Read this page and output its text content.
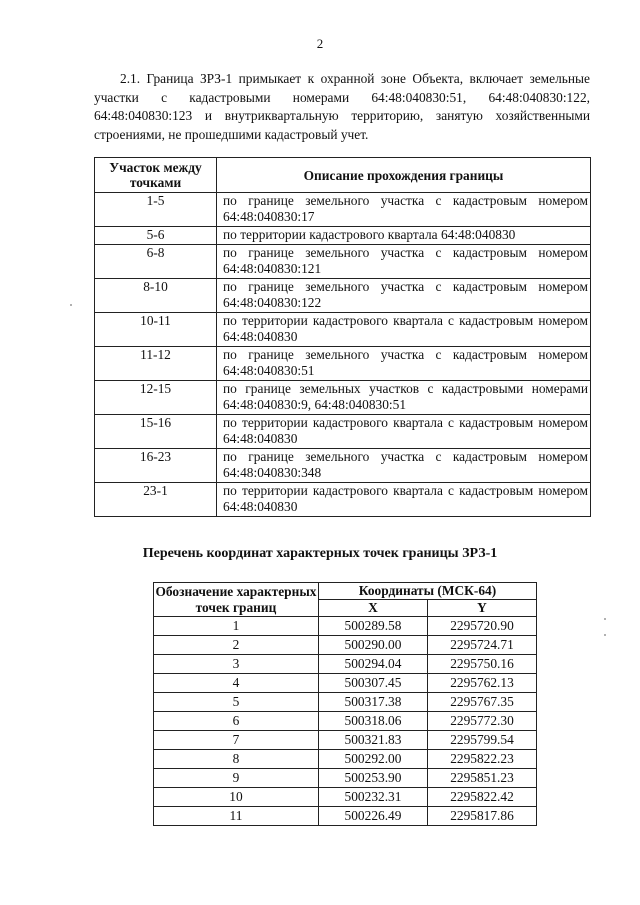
2

2.1. Граница ЗРЗ-1 примыкает к охранной зоне Объекта, включает земельные участки с кадастровыми номерами 64:48:040830:51, 64:48:040830:122, 64:48:040830:123 и внутриквартальную территорию, занятую хозяйственными строениями, не прошедшими кадастровый учет.

Участок между точками	Описание прохождения границы
1-5	по границе земельного участка с кадастровым номером 64:48:040830:17
5-6	по территории кадастрового квартала 64:48:040830
6-8	по границе земельного участка с кадастровым номером 64:48:040830:121
8-10	по границе земельного участка с кадастровым номером 64:48:040830:122
10-11	по территории кадастрового квартала с кадастровым номером 64:48:040830
11-12	по границе земельного участка с кадастровым номером 64:48:040830:51
12-15	по границе земельных участков с кадастровыми номерами 64:48:040830:9, 64:48:040830:51
15-16	по территории кадастрового квартала с кадастровым номером 64:48:040830
16-23	по границе земельного участка с кадастровым номером 64:48:040830:348
23-1	по территории кадастрового квартала с кадастровым номером 64:48:040830

Перечень координат характерных точек границы ЗРЗ-1

Обозначение характерных точек границ	Координаты (МСК-64)	
	X	Y
1	500289.58	2295720.90
2	500290.00	2295724.71
3	500294.04	2295750.16
4	500307.45	2295762.13
5	500317.38	2295767.35
6	500318.06	2295772.30
7	500321.83	2295799.54
8	500292.00	2295822.23
9	500253.90	2295851.23
10	500232.31	2295822.42
11	500226.49	2295817.86
